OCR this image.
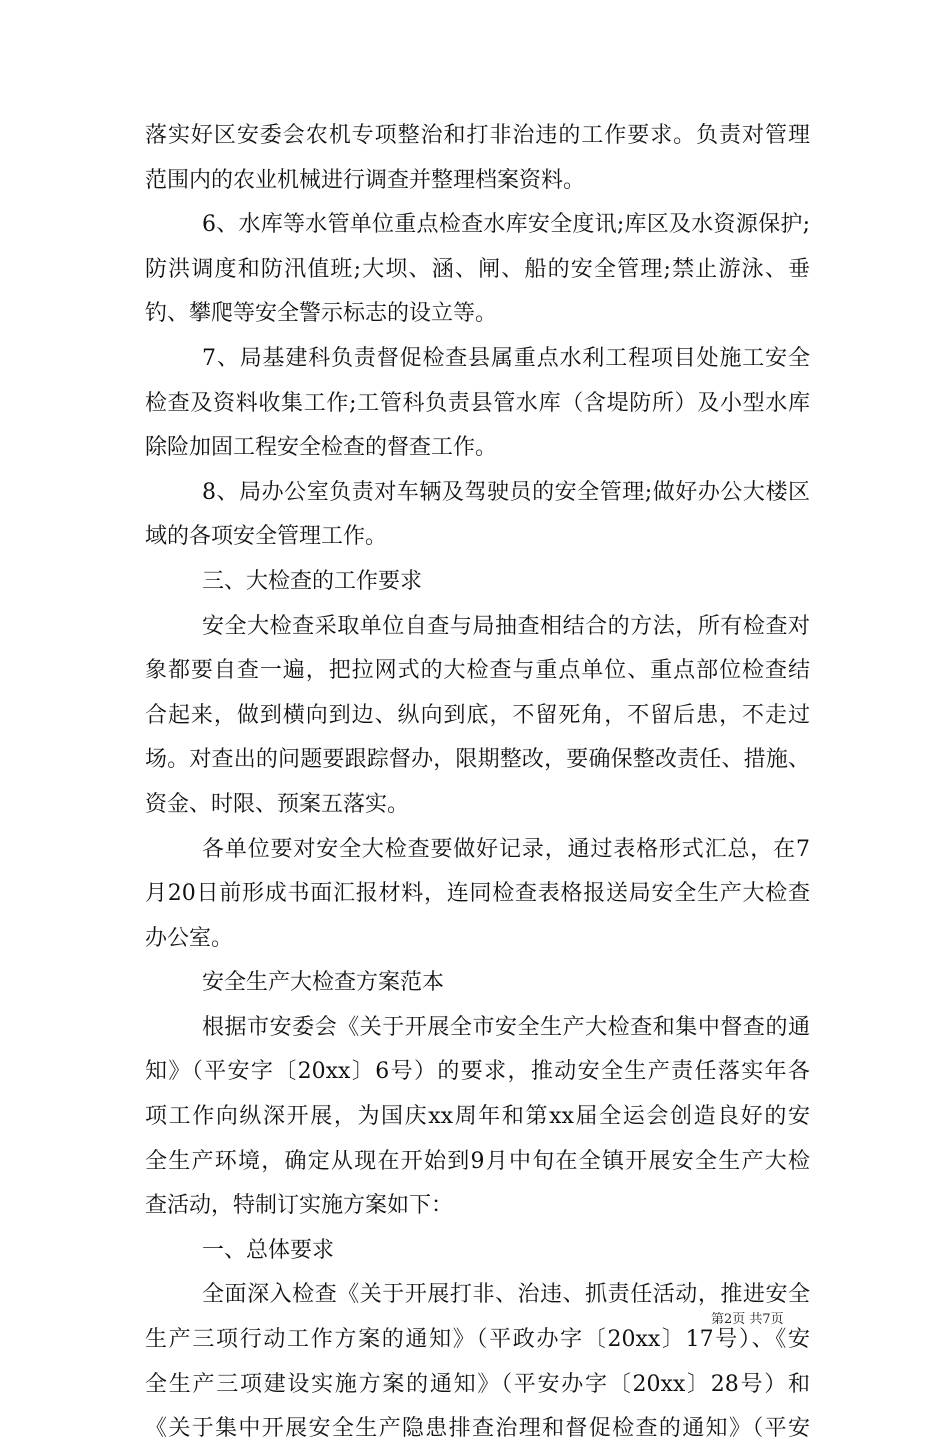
落实好区安委会农机专项整治和打非治违的工作要求。负责对管理
范围内的农业机械进行调查并整理档案资料。
6、水库等水管单位重点检查水库安全度讯;库区及水资源保护;
防洪调度和防汛值班;大坝、涵、闸、船的安全管理;禁止游泳、垂
钓、攀爬等安全警示标志的设立等。
7、局基建科负责督促检查县属重点水利工程项目处施工安全
检查及资料收集工作;工管科负责县管水库（含堤防所）及小型水库
除险加固工程安全检查的督查工作。
8、局办公室负责对车辆及驾驶员的安全管理;做好办公大楼区
域的各项安全管理工作。
三、大检查的工作要求
安全大检查采取单位自查与局抽查相结合的方法，所有检查对
象都要自查一遍，把拉网式的大检查与重点单位、重点部位检查结
合起来，做到横向到边、纵向到底，不留死角，不留后患，不走过
场。对查出的问题要跟踪督办，限期整改，要确保整改责任、措施、
资金、时限、预案五落实。
各单位要对安全大检查要做好记录，通过表格形式汇总，在7
月20日前形成书面汇报材料，连同检查表格报送局安全生产大检查
办公室。
安全生产大检查方案范本
根据市安委会《关于开展全市安全生产大检查和集中督查的通
知》（平安字〔20xx〕6号）的要求，推动安全生产责任落实年各
项工作向纵深开展，为国庆xx周年和第xx届全运会创造良好的安
全生产环境，确定从现在开始到9月中旬在全镇开展安全生产大检
查活动，特制订实施方案如下：
一、总体要求
全面深入检查《关于开展打非、治违、抓责任活动，推进安全
生产三项行动工作方案的通知》（平政办字〔20xx〕17号）、《安
全生产三项建设实施方案的通知》（平安办字〔20xx〕28号）和
《关于集中开展安全生产隐患排查治理和督促检查的通知》（平安
第2页 共7页
